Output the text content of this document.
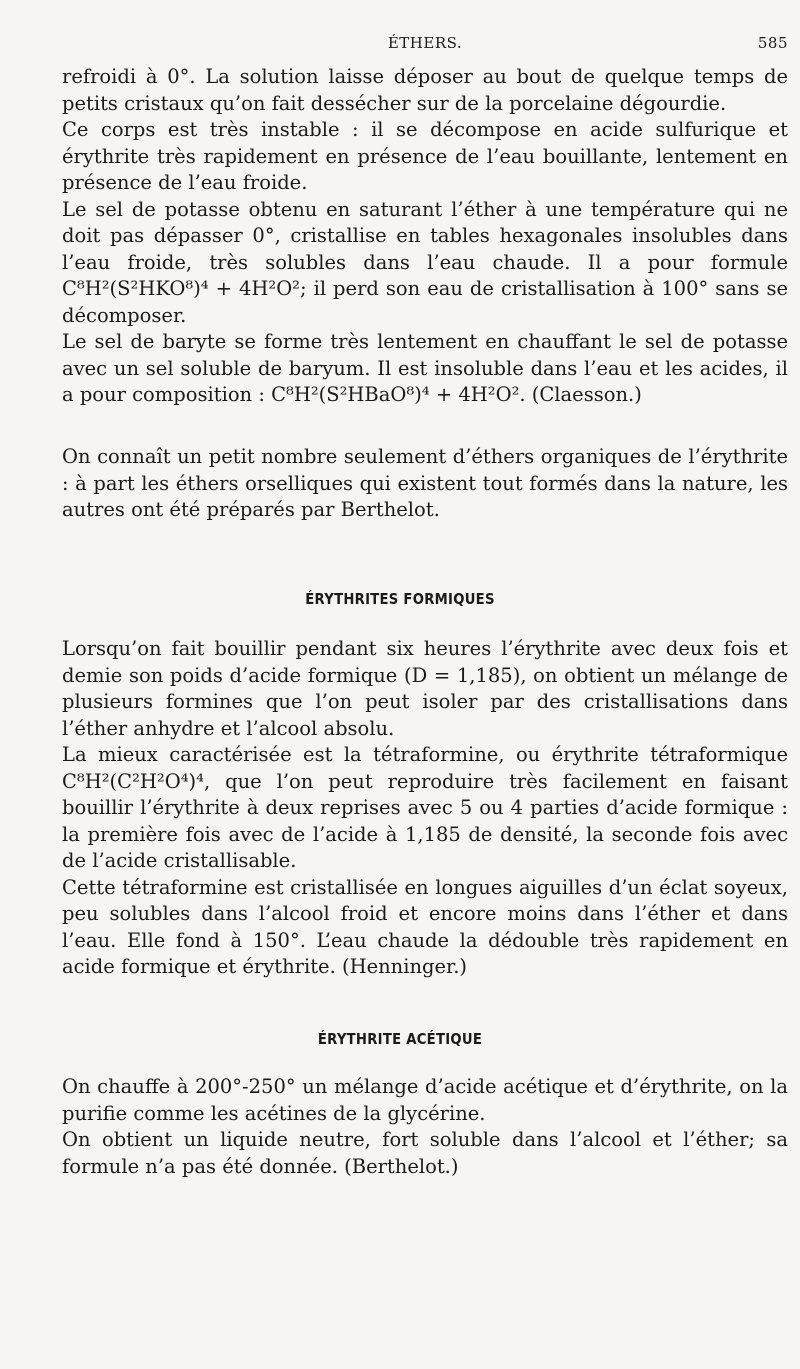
ÉTHERS.	585

refroidi à 0°. La solution laisse déposer au bout de quelque temps de petits cristaux qu’on fait dessécher sur de la porcelaine dégourdie.

Ce corps est très instable : il se décompose en acide sulfurique et érythrite très rapidement en présence de l’eau bouillante, lentement en présence de l’eau froide.

Le sel de potasse obtenu en saturant l’éther à une température qui ne doit pas dépasser 0°, cristallise en tables hexagonales insolubles dans l’eau froide, très solubles dans l’eau chaude. Il a pour formule C⁸H²(S²HKO⁸)⁴ + 4H²O²; il perd son eau de cristallisation à 100° sans se décomposer.

Le sel de baryte se forme très lentement en chauffant le sel de potasse avec un sel soluble de baryum. Il est insoluble dans l’eau et les acides, il a pour composition : C⁸H²(S²HBaO⁸)⁴ + 4H²O². (Claesson.)

On connaît un petit nombre seulement d’éthers organiques de l’érythrite : à part les éthers orselliques qui existent tout formés dans la nature, les autres ont été préparés par Berthelot.

ÉRYTHRITES FORMIQUES

Lorsqu’on fait bouillir pendant six heures l’érythrite avec deux fois et demie son poids d’acide formique (D = 1,185), on obtient un mélange de plusieurs formines que l’on peut isoler par des cristallisations dans l’éther anhydre et l’alcool absolu.

La mieux caractérisée est la tétraformine, ou érythrite tétraformique C⁸H²(C²H²O⁴)⁴, que l’on peut reproduire très facilement en faisant bouillir l’érythrite à deux reprises avec 5 ou 4 parties d’acide formique : la première fois avec de l’acide à 1,185 de densité, la seconde fois avec de l’acide cristallisable.

Cette tétraformine est cristallisée en longues aiguilles d’un éclat soyeux, peu solubles dans l’alcool froid et encore moins dans l’éther et dans l’eau. Elle fond à 150°. L’eau chaude la dédouble très rapidement en acide formique et érythrite. (Henninger.)

ÉRYTHRITE ACÉTIQUE

On chauffe à 200°-250° un mélange d’acide acétique et d’érythrite, on la purifie comme les acétines de la glycérine.

On obtient un liquide neutre, fort soluble dans l’alcool et l’éther; sa formule n’a pas été donnée. (Berthelot.)
